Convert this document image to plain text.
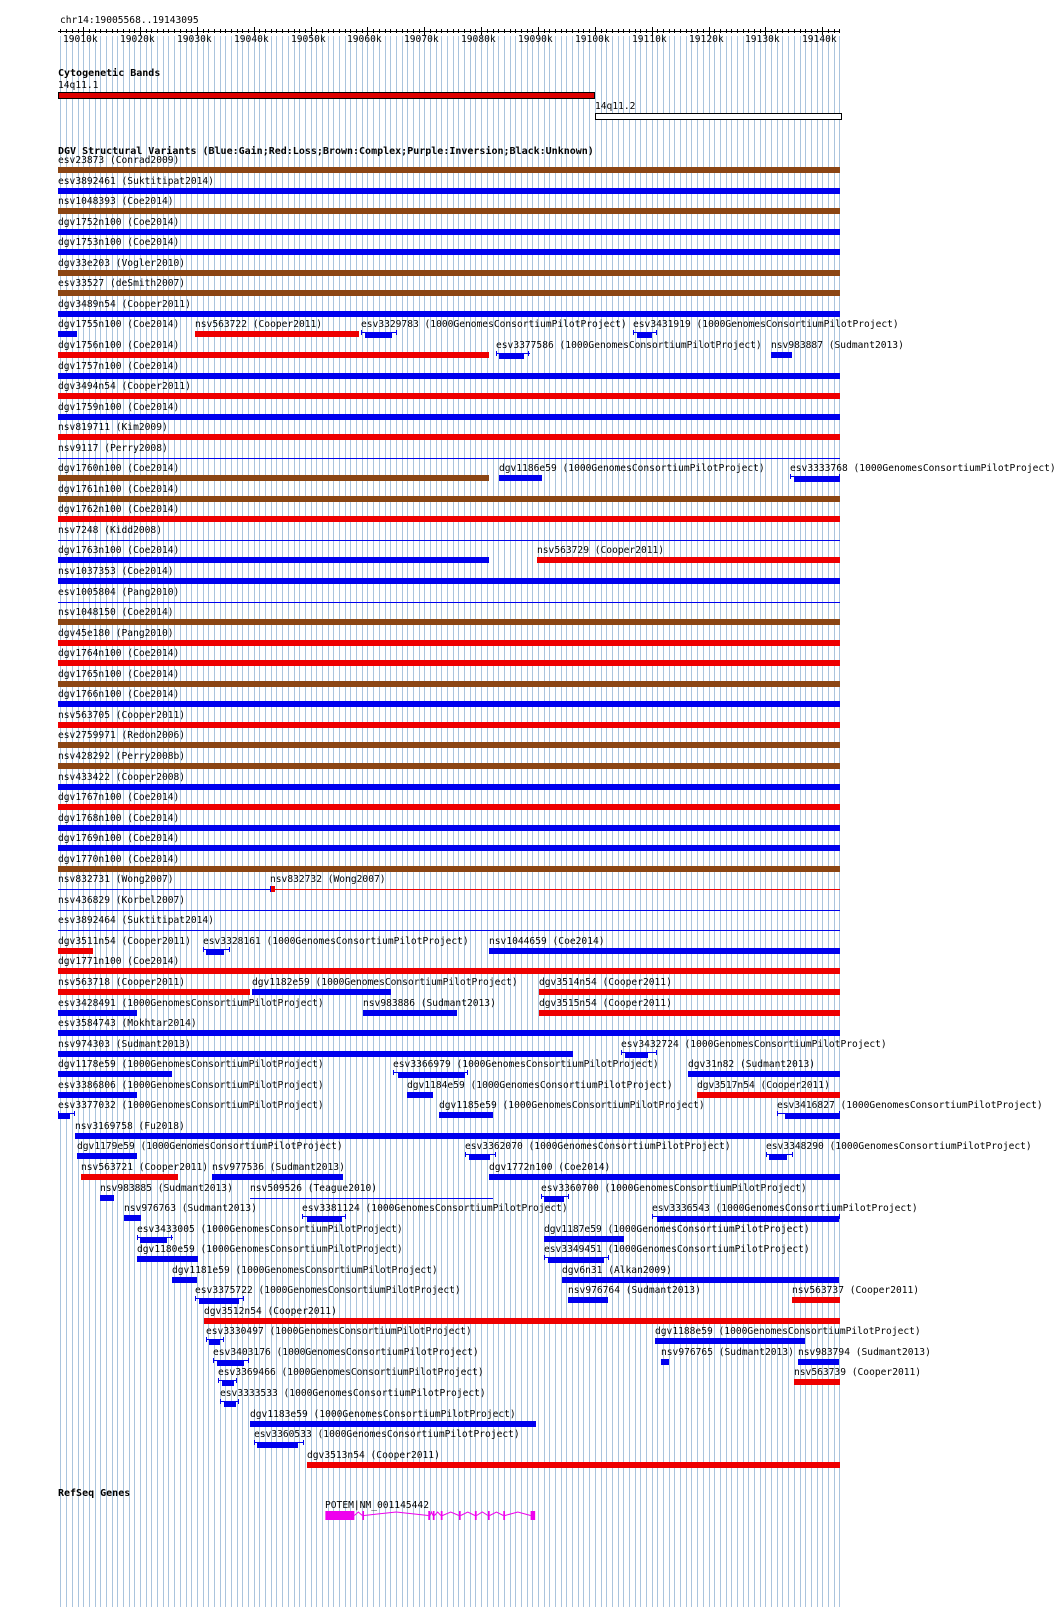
chr14:19005568..19143095
19010k 19020k 19030k 19040k 19050k 19060k 19070k 19080k 19090k 19100k 19110k 19120k 19130k 19140k
Cytogenetic Bands
14q11.1
14q11.2
DGV Structural Variants (Blue:Gain;Red:Loss;Brown:Complex;Purple:Inversion;Black:Unknown)
esv23873 (Conrad2009)
esv3892461 (Suktitipat2014)
nsv1048393 (Coe2014)
dgv1752n100 (Coe2014)
dgv1753n100 (Coe2014)
dgv33e203 (Vogler2010)
esv33527 (deSmith2007)
dgv3489n54 (Cooper2011)
dgv1755n100 (Coe2014) nsv563722 (Cooper2011)	esv3329783 (1000GenomesConsortiumPilotProject) esv3431919 (1000GenomesConsortiumPilotProject)
dgv1756n100 (Coe2014)	esv3377586 (1000GenomesConsortiumPilotProject) nsv983887 (Sudmant2013)
dgv1757n100 (Coe2014)
dgv3494n54 (Cooper2011)
dgv1759n100 (Coe2014)
nsv819711 (Kim2009)
nsv9117 (Perry2008)
dgv1760n100 (Coe2014)	dgv1186e59 (1000GenomesConsortiumPilotProject)	esv3333768 (1000GenomesConsortiumPilotProject)
dgv1761n100 (Coe2014)
dgv1762n100 (Coe2014)
nsv7248 (Kidd2008)
dgv1763n100 (Coe2014)	nsv563729 (Cooper2011)
nsv1037353 (Coe2014)
esv1005804 (Pang2010)
nsv1048150 (Coe2014)
dgv45e180 (Pang2010)
dgv1764n100 (Coe2014)
dgv1765n100 (Coe2014)
dgv1766n100 (Coe2014)
nsv563705 (Cooper2011)
esv2759971 (Redon2006)
nsv428292 (Perry2008b)
nsv433422 (Cooper2008)
dgv1767n100 (Coe2014)
dgv1768n100 (Coe2014)
dgv1769n100 (Coe2014)
dgv1770n100 (Coe2014)
nsv832731 (Wong2007)	nsv832732 (Wong2007)
nsv436829 (Korbel2007)
esv3892464 (Suktitipat2014)
dgv3511n54 (Cooper2011) esv3328161 (1000GenomesConsortiumPilotProject) nsv1044659 (Coe2014)
dgv1771n100 (Coe2014)
nsv563718 (Cooper2011)	dgv1182e59 (1000GenomesConsortiumPilotProject) dgv3514n54 (Cooper2011)
esv3428491 (1000GenomesConsortiumPilotProject)	nsv983886 (Sudmant2013)	dgv3515n54 (Cooper2011)
esv3584743 (Mokhtar2014)
nsv974303 (Sudmant2013)	esv3432724 (1000GenomesConsortiumPilotProject)
dgv1178e59 (1000GenomesConsortiumPilotProject)	esv3366979 (1000GenomesConsortiumPilotProject)	dgv31n82 (Sudmant2013)
esv3386806 (1000GenomesConsortiumPilotProject)	dgv1184e59 (1000GenomesConsortiumPilotProject)	dgv3517n54 (Cooper2011)
esv3377032 (1000GenomesConsortiumPilotProject)	dgv1185e59 (1000GenomesConsortiumPilotProject)	esv3416827 (1000GenomesConsortiumPilotProject)
nsv3169758 (Fu2018)
dgv1179e59 (1000GenomesConsortiumPilotProject)	esv3362070 (1000GenomesConsortiumPilotProject)	esv3348290 (1000GenomesConsortiumPilotProject)
nsv563721 (Cooper2011) nsv977536 (Sudmant2013)	dgv1772n100 (Coe2014)
nsv983885 (Sudmant2013) nsv509526 (Teague2010)	esv3360700 (1000GenomesConsortiumPilotProject)
nsv976763 (Sudmant2013)	esv3381124 (1000GenomesConsortiumPilotProject)	esv3336543 (1000GenomesConsortiumPilotProject)
esv3433005 (1000GenomesConsortiumPilotProject)	dgv1187e59 (1000GenomesConsortiumPilotProject)
dgv1180e59 (1000GenomesConsortiumPilotProject)	esv3349451 (1000GenomesConsortiumPilotProject)
dgv1181e59 (1000GenomesConsortiumPilotProject)	dgv6n31 (Alkan2009)
esv3375722 (1000GenomesConsortiumPilotProject)	nsv976764 (Sudmant2013)	nsv563737 (Cooper2011)
dgv3512n54 (Cooper2011)
esv3330497 (1000GenomesConsortiumPilotProject)	dgv1188e59 (1000GenomesConsortiumPilotProject)
esv3403176 (1000GenomesConsortiumPilotProject)	nsv976765 (Sudmant2013) nsv983794 (Sudmant2013)
esv3369466 (1000GenomesConsortiumPilotProject)	nsv563739 (Cooper2011)
esv3333533 (1000GenomesConsortiumPilotProject)
dgv1183e59 (1000GenomesConsortiumPilotProject)
esv3360533 (1000GenomesConsortiumPilotProject)
dgv3513n54 (Cooper2011)
RefSeq Genes
POTEM|NM_001145442
